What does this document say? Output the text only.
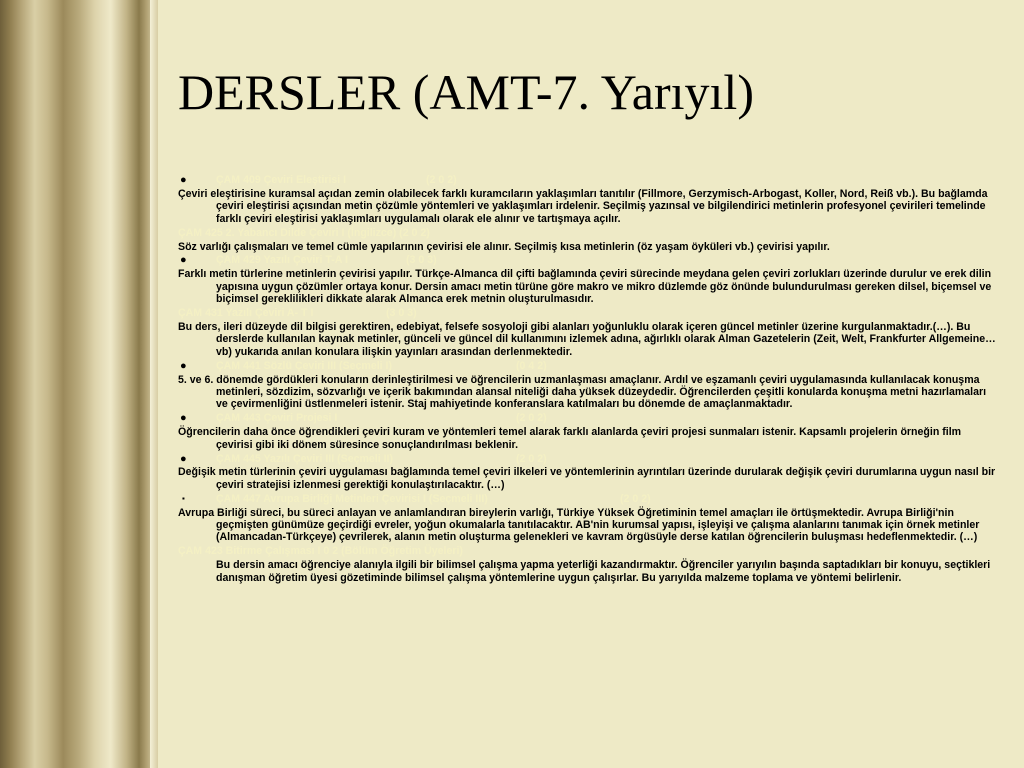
DERSLER (AMT-7. Yarıyıl)
●	ÇAM 409 Çeviri Eleştirisi I	(2 0 2)
Çeviri eleştirisine kuramsal açıdan zemin olabilecek farklı kuramcıların yaklaşımları tanıtılır (Fillmore, Gerzymisch-Arbogast, Koller, Nord, Reiß vb.). Bu bağlamda çeviri eleştirisi açısından metin çözümle yöntemleri ve yaklaşımları irdelenir. Seçilmiş yazınsal ve bilgilendirici metinlerin profesyonel çevirileri temelinde farklı çeviri eleştirisi yaklaşımları uygulamalı olarak ele alınır ve tartışmaya açılır.
ÇAM 425 2. Yabancı Dilde Çeviri I (İngilizce) (2 0 2)
Söz varlığı çalışmaları ve temel cümle yapılarının çevirisi ele alınır. Seçilmiş kısa metinlerin (öz yaşam öyküleri vb.) çevirisi yapılır.
●	ÇAM 429 Yazılı Çeviri T-A I	(3 0 3)
Farklı metin türlerine metinlerin çevirisi yapılır. Türkçe-Almanca dil çifti bağlamında çeviri sürecinde meydana gelen çeviri zorlukları üzerinde durulur ve erek dilin yapısına uygun çözümler ortaya konur. Dersin amacı metin türüne göre makro ve mikro düzlemde göz önünde bulundurulması gereken dilsel, biçemsel ve biçimsel gereklilikleri dikkate alarak Almanca erek metnin oluşturulmasıdır.
ÇAM 431 Yazılı Çeviri A- T I	(3 0 3)
Bu ders, ileri düzeyde dil bilgisi gerektiren, edebiyat, felsefe sosyoloji gibi alanları yoğunluklu olarak içeren güncel metinler üzerine kurgulanmaktadır.(…). Bu derslerde kullanılan kaynak metinler, günceli ve güncel dil kullanımını izlemek adına, ağırlıklı olarak Alman Gazetelerin (Zeit, Welt, Frankfurter Allgemeine…vb) yukarıda anılan konulara ilişkin yayınları arasından derlenmektedir.
●	ÇAM 441 Sözlü Çeviri III (Seçmeli I)	(0 4 2)
5. ve 6. dönemde gördükleri konuların derinleştirilmesi ve öğrencilerin uzmanlaşması amaçlanır. Ardıl ve eşzamanlı çeviri uygulamasında kullanılacak konuşma metinleri, sözdizim, sözvarlığı ve içerik bakımından alansal niteliği daha yüksek düzeydedir. Öğrencilerden çeşitli konularda konuşma metni hazırlamaları ve çevirmenliğini üstlenmeleri istenir. Staj mahiyetinde konferanslara katılmaları bu dönemde de amaçlanmaktadır.
●	ÇAM 443 Çeviri Projesi I	(2 0 2)
Öğrencilerin daha önce öğrendikleri çeviri kuram ve yöntemleri temel alarak farklı alanlarda çeviri projesi sunmaları istenir. Kapsamlı projelerin örneğin film çevirisi gibi iki dönem süresince sonuçlandırılması beklenir.
●	ÇAM 445 Yazılı Çeviri III (Seçmeli II)	(2 0 2)
Değişik metin türlerinin çeviri uygulaması bağlamında temel çeviri ilkeleri ve yöntemlerinin ayrıntıları üzerinde durularak değişik çeviri durumlarına uygun nasıl bir çeviri stratejisi izlenmesi gerektiği konulaştırılacaktır. (…)
▪	ÇAM 447 Avrupa Birliği Metinleri Çevirisi I (Seçmeli III)	(2 0 2)
Avrupa Birliği süreci, bu süreci anlayan ve anlamlandıran bireylerin varlığı, Türkiye Yüksek Öğretiminin temel amaçları ile örtüşmektedir. Avrupa Birliği'nin geçmişten günümüze geçirdiği evreler, yoğun okumalarla tanıtılacaktır. AB'nin kurumsal yapısı, işleyişi ve çalışma alanlarını tanımak için örnek metinler (Almancadan-Türkçeye) çevrilerek, alanın metin oluşturma gelenekleri ve kavram örgüsüyle derse katılan öğrencilerin buluşması hedeflenmektedir. (…)
ÇAM 423 Bitirme Çalışması I 0 2 (Bölüm Öğretim Üyeleri)
Bu dersin amacı öğrenciye alanıyla ilgili bir bilimsel çalışma yapma yeterliği kazandırmaktır. Öğrenciler yarıyılın başında saptadıkları bir konuyu, seçtikleri danışman öğretim üyesi gözetiminde bilimsel çalışma yöntemlerine uygun çalışırlar. Bu yarıyılda malzeme toplama ve yöntemi belirlenir.
